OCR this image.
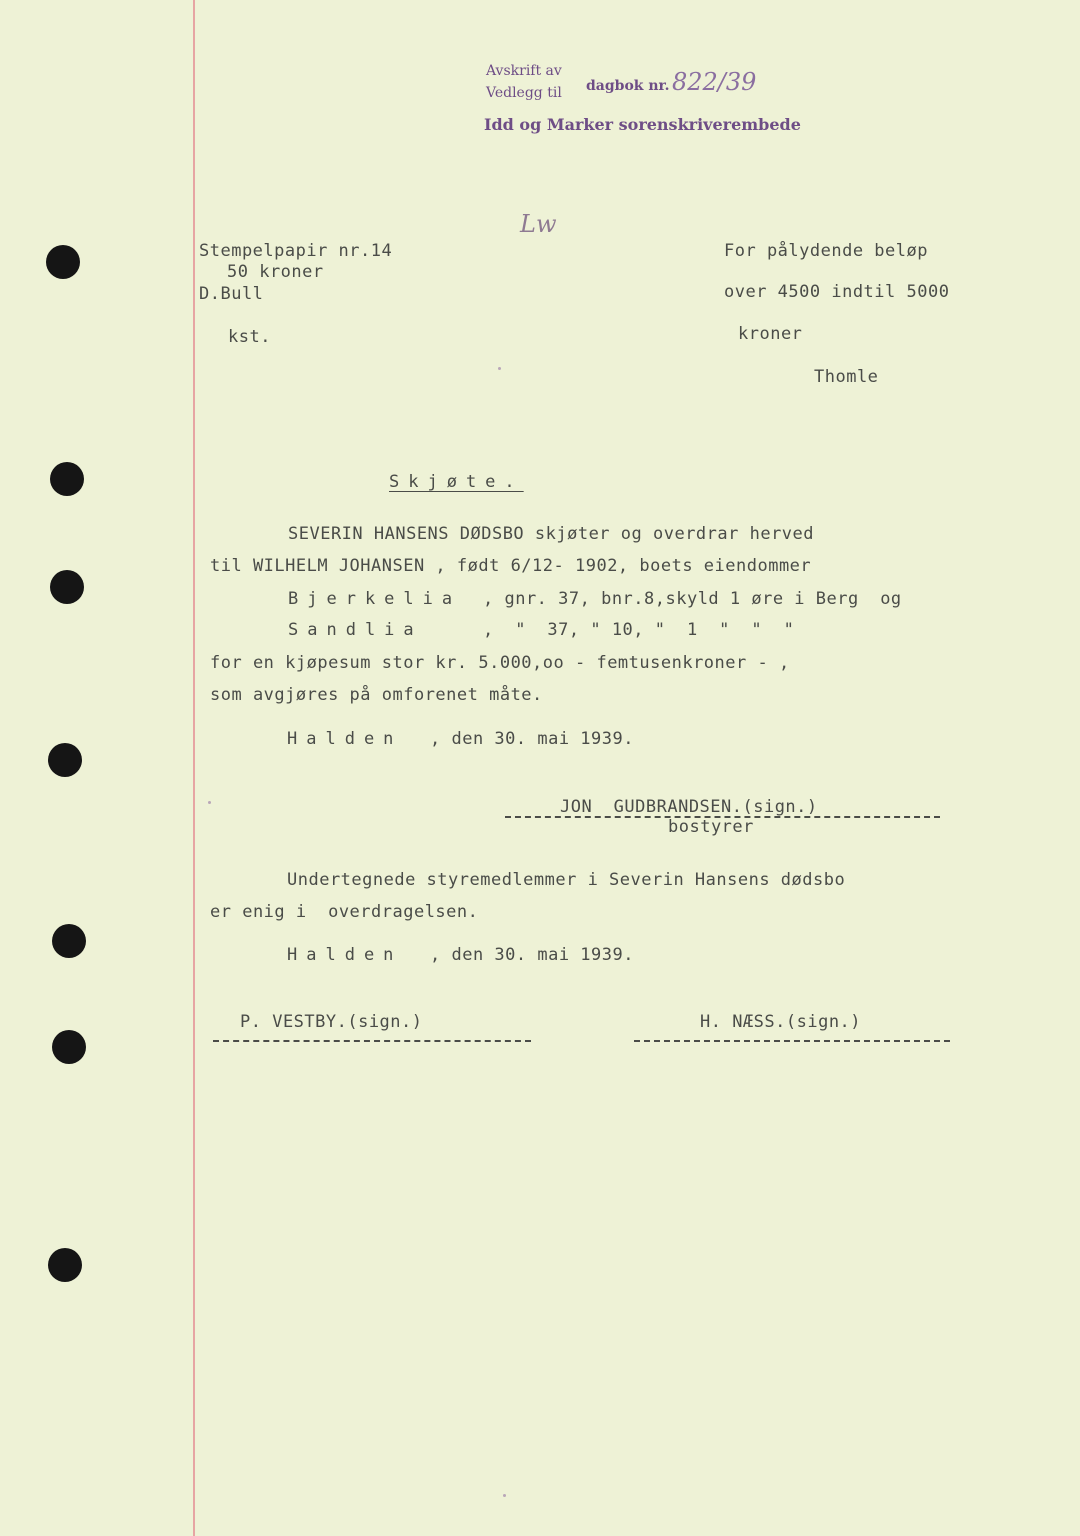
Avskrift av
Vedlegg til dagbok nr. 822/39
Idd og Marker sorenskriverembede
Lw
Stempelpapir nr.14
50 kroner
D.Bull
kst.
For pålydende beløp
over 4500 indtil 5000
kroner
Thomle
Skjøte.
SEVERIN HANSENS DØDSBO skjøter og overdrar herved
til WILHELM JOHANSEN , født 6/12- 1902, boets eiendommer
Bjerkelia , gnr. 37, bnr.8,skyld 1 øre i Berg  og
Sandlia	,  "  37, " 10, "  1  "  "  "
for en kjøpesum stor kr. 5.000,oo - femtusenkroner - ,
som avgjøres på omforenet måte.
Halden , den 30. mai 1939.
JON  GUDBRANDSEN.(sign.)
bostyrer
Undertegnede styremedlemmer i Severin Hansens dødsbo
er enig i  overdragelsen.
Halden , den 30. mai 1939.
P. VESTBY.(sign.)	H. NÆSS.(sign.)
